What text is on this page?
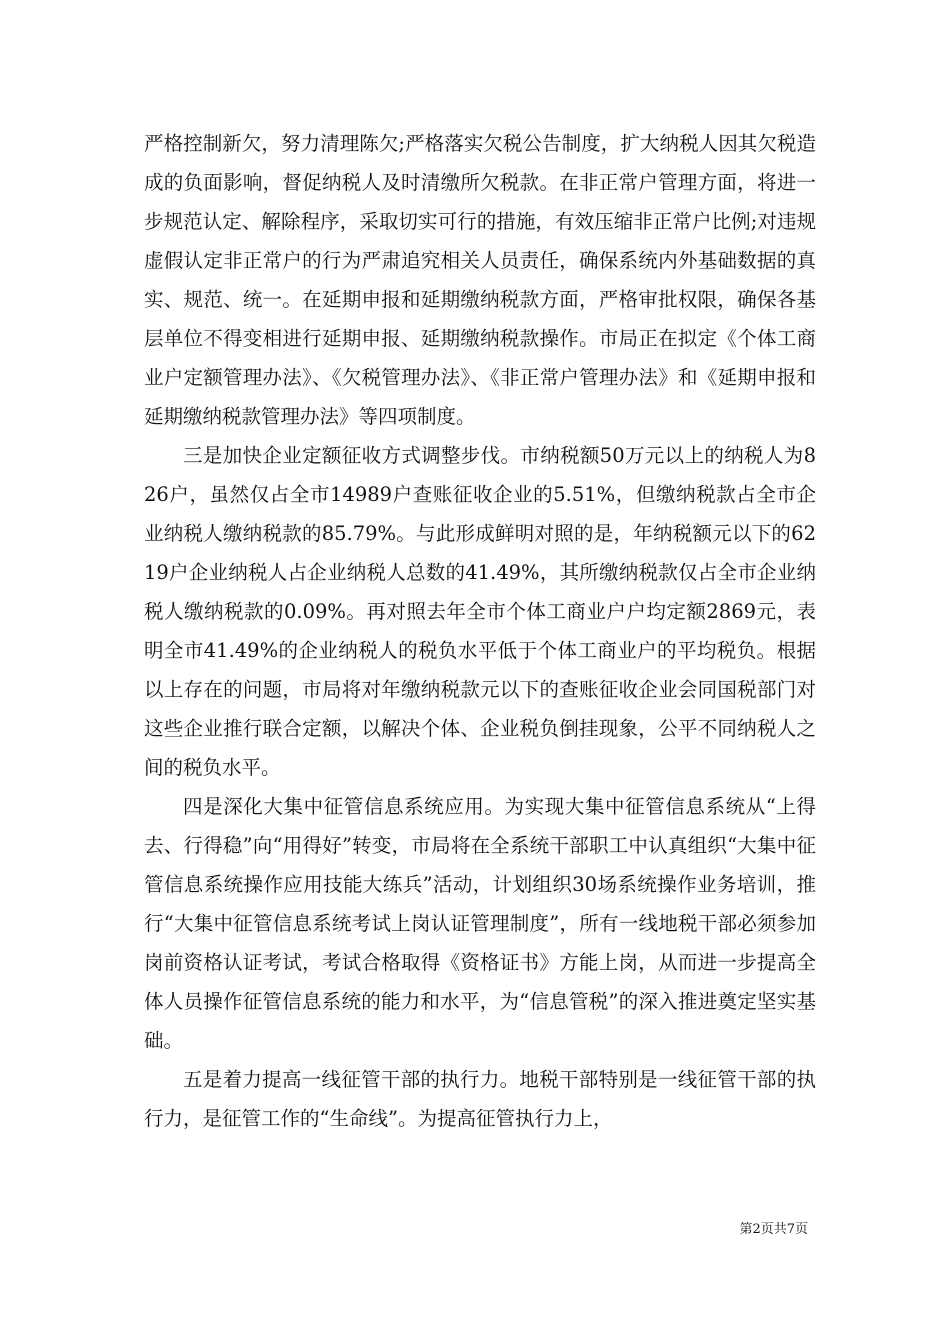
严格控制新欠，努力清理陈欠;严格落实欠税公告制度，扩大纳税人因其欠税造成的负面影响，督促纳税人及时清缴所欠税款。在非正常户管理方面，将进一步规范认定、解除程序，采取切实可行的措施，有效压缩非正常户比例;对违规虚假认定非正常户的行为严肃追究相关人员责任，确保系统内外基础数据的真实、规范、统一。在延期申报和延期缴纳税款方面，严格审批权限，确保各基层单位不得变相进行延期申报、延期缴纳税款操作。市局正在拟定《个体工商业户定额管理办法》、《欠税管理办法》、《非正常户管理办法》和《延期申报和延期缴纳税款管理办法》等四项制度。

三是加快企业定额征收方式调整步伐。市纳税额50万元以上的纳税人为826户，虽然仅占全市14989户查账征收企业的5.51%，但缴纳税款占全市企业纳税人缴纳税款的85.79%。与此形成鲜明对照的是，年纳税额元以下的6219户企业纳税人占企业纳税人总数的41.49%，其所缴纳税款仅占全市企业纳税人缴纳税款的0.09%。再对照去年全市个体工商业户户均定额2869元，表明全市41.49%的企业纳税人的税负水平低于个体工商业户的平均税负。根据以上存在的问题，市局将对年缴纳税款元以下的查账征收企业会同国税部门对这些企业推行联合定额，以解决个体、企业税负倒挂现象，公平不同纳税人之间的税负水平。

四是深化大集中征管信息系统应用。为实现大集中征管信息系统从“上得去、行得稳”向“用得好”转变，市局将在全系统干部职工中认真组织“大集中征管信息系统操作应用技能大练兵”活动，计划组织30场系统操作业务培训，推行“大集中征管信息系统考试上岗认证管理制度”，所有一线地税干部必须参加岗前资格认证考试，考试合格取得《资格证书》方能上岗，从而进一步提高全体人员操作征管信息系统的能力和水平，为“信息管税”的深入推进奠定坚实基础。

五是着力提高一线征管干部的执行力。地税干部特别是一线征管干部的执行力，是征管工作的“生命线”。为提高征管执行力上，

第2页共7页
